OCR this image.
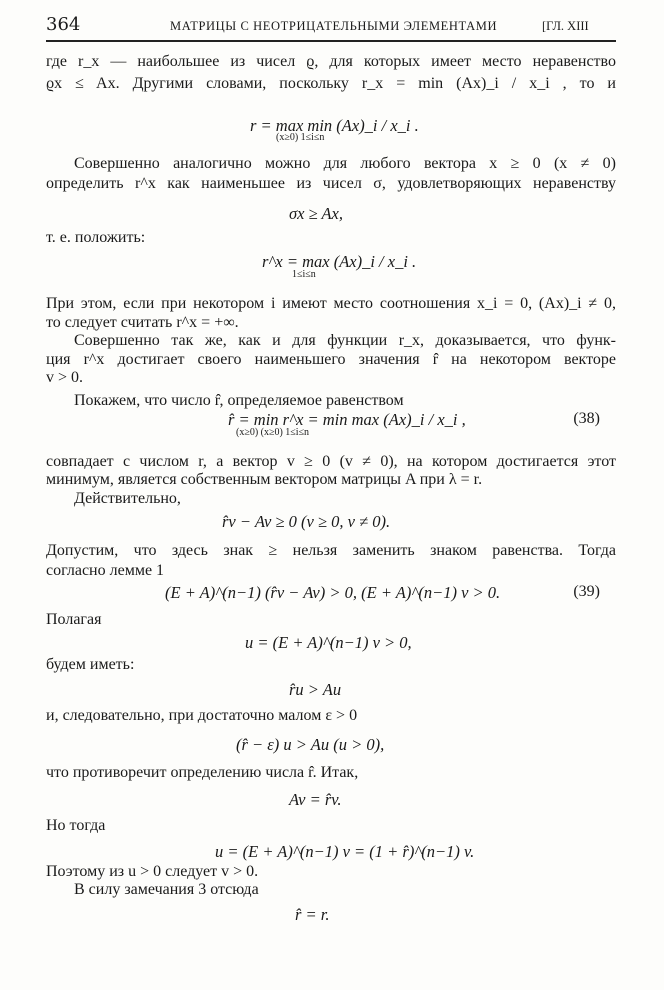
364	МАТРИЦЫ С НЕОТРИЦАТЕЛЬНЫМИ ЭЛЕМЕНТАМИ	[ГЛ. XIII
где r_x — наибольшее из чисел ϱ, для которых имеет место неравенство
ϱx ≤ Ax. Другими словами, поскольку r_x = min (Ax)_i / x_i , то и
r = max min (Ax)_i / x_i .
(x≥0) 1≤i≤n
Совершенно аналогично можно для любого вектора x ≥ 0 (x ≠ 0)
определить r^x как наименьшее из чисел σ, удовлетворяющих неравенству
σx ≥ Ax,
т. е. положить:
r^x = max (Ax)_i / x_i .
1≤i≤n
При этом, если при некотором i имеют место соотношения x_i = 0, (Ax)_i ≠ 0,
то следует считать r^x = +∞.
Совершенно так же, как и для функции r_x, доказывается, что функ-
ция r^x достигает своего наименьшего значения r̂ на некотором векторе
v > 0.
Покажем, что число r̂, определяемое равенством
r̂ = min r^x = min max (Ax)_i / x_i ,
(x≥0) (x≥0) 1≤i≤n
(38)
совпадает с числом r, а вектор v ≥ 0 (v ≠ 0), на котором достигается этот
минимум, является собственным вектором матрицы A при λ = r.
Действительно,
r̂v − Av ≥ 0 (v ≥ 0, v ≠ 0).
Допустим, что здесь знак ≥ нельзя заменить знаком равенства. Тогда
согласно лемме 1
(E + A)^(n−1) (r̂v − Av) > 0, (E + A)^(n−1) v > 0.	(39)
Полагая
u = (E + A)^(n−1) v > 0,
будем иметь:
r̂u > Au
и, следовательно, при достаточно малом ε > 0
(r̂ − ε) u > Au (u > 0),
что противоречит определению числа r̂. Итак,
Av = r̂v.
Но тогда
u = (E + A)^(n−1) v = (1 + r̂)^(n−1) v.
Поэтому из u > 0 следует v > 0.
В силу замечания 3 отсюда
r̂ = r.
